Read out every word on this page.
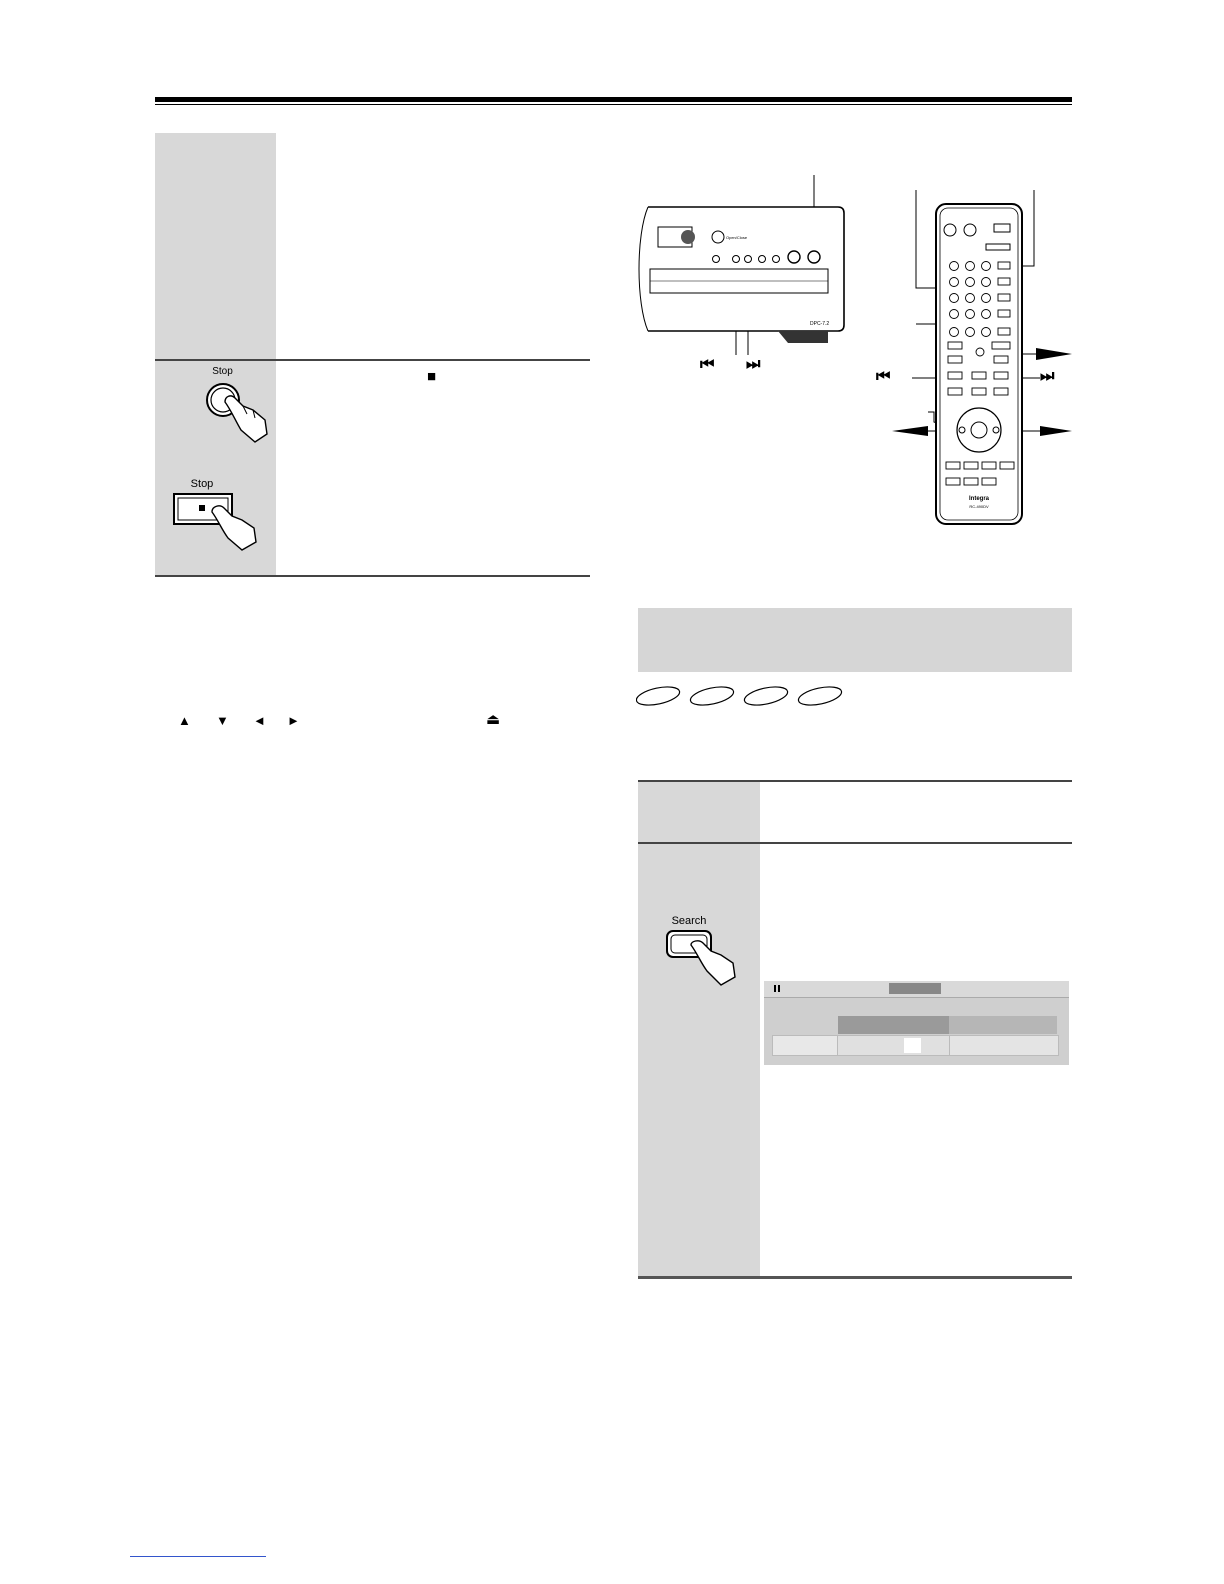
Stop
Stop
■
▲ ▼ ◄ ►	⏏
Open/Close
DPC-7.2
⏮ ⏭
Integra
RC-490DV
⏮	⏭
Search
